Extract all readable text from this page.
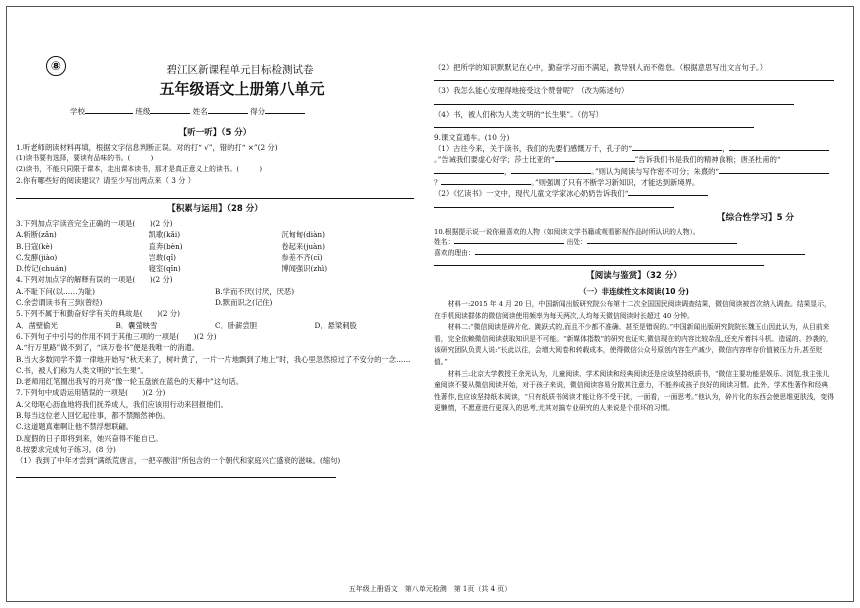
⑧	碧江区新课程单元目标检测试卷
五年级语文上册第八单元
学校	班级	姓名	得分
【听一听】（5 分）

1.听老师朗读材料再填，根据文字信息判断正误。对的打“ √”，错的打“ ×”(2 分)

(1)读书要有选择，要读有品味的书。(　　　)

(2)读书，不能只同限于课本，走出课本读书，那才是真正意义上的读书。(　　　)

2.你有哪些好的阅读建议？请至少写出两点来（ 3 分 ）

【积累与运用】（28 分）

3.下列加点字读音完全正确的一项是(　　)(2 分)

A.斩断(zǎn)	凯歌(kǎi)	沉甸甸(diàn)
B.日寇(kè)	直奔(bèn)	卷起来(juàn)
C.发酵(jiào)	岂敢(qǐ)	参差不齐(cī)
D.传记(chuán)	寝室(qǐn)	博闻强识(zhì)

4.下列对加点字的解释有误的一项是(　　)(2 分)

A.不耻下问(以……为耻)	B.学而不厌(讨厌，厌恶)
C.余尝谓读书有三到(曾经)	D.默而识之(记住)

5.下列不属于和勤奋好学有关的典故是(　　)(2 分)

A．凿壁偷光	B．囊萤映雪	C．卧薪尝胆	D．悬梁刺股

6.下列句子中引号的作用不同于其他三项的一项是(　　)(2 分)

A.“行万里路”做不到了，“读万卷书”便是我唯一的消遣。

B.当大多数同学不算一律地开始写“秋天来了，树叶黄了，一片一片地飘到了地上”时，我心里忽然掠过了不安分的一念……

C.书，被人们称为人类文明的“长生果”。

D.老师用红笔圈出我写的月亮“像一轮玉盘嵌在蓝色的天幕中”这句话。

7.下列句中成语运用错误的一项是(　　)(2 分)

A.父母呕心沥血地将我们抚养成人，我们应该用行动来回报他们。

B.每当这位老人回忆起往事，都不禁黯然神伤。

C.这道题真难啊让他不禁浮想联翩。

D.度假的日子即将到来，她兴奋得不能自已。

8.按要求完成句子练习。(8 分)

（1）我到了中年才尝到“满纸荒唐言，一把辛酸泪”所包含的一个朝代和家庭兴亡盛衰的滋味。(缩句)

（2）把所学的知识默默记在心中，勤奋学习而不满足，教导别人而不倦怠。（根据意思写出文言句子。）

（3）我怎么能心安理得地接受这个赞誉呢？（改为陈述句）

（4）书，被人们称为人类文明的“长生果”。（仿写）

9.课文直通车。(10 分)

（1）古往今来，关于读书，我们的先要们感慨万千，孔子的“	，。”告诫我们要虚心好学；莎士比亚的“	”告诉我们书是我们的精神食粮；唐圣杜甫的“，	。”则认为阅读与写作密不可分；朱熹的“？	。”则强调了只有不断学习新知识，才能达到新境界。

（2）《忆读书》一文中，现代儿童文学家冰心奶奶告诉我们“

【综合性学习】5 分

10.根据提示说一说你最喜欢的人物（如阅读文学书籍或观看影视作品时所认识的人物）。

姓名：	出处：

喜欢的理由：

【阅读与鉴赏】（32 分）
（一）非连续性文本阅读(10 分)

材料一:2015 年 4 月 20 日，中国新闻出版研究院公布第十二次全国国民阅读调查结果，微信阅读被首次纳入调查。结果显示，在手机阅读群体的微信阅读使用频率为每天两次,人均每天微信阅读时长超过 40 分钟。

材料二:“微信阅读是碎片化、跳跃式的,而且不少都不准确、甚至是错误的。”中国新闻出版研究院院长魏玉山因此认为，从目前来看，完全依赖微信阅读获取知识是不可能。“新媒体指数”的研究也证实,微信现在的内容比较杂乱,还充斥着抖斗机、造谣的、抄袭的，该研究团队负责人说:“长此以往，会增大阅卷和转载成本，使得微信公众号原创内容生产减少，微信内容库存价值被压力升,甚至贬值。”

材料三:北京大学教授王余光认为，儿童阅读、学术阅读和经典阅读还是应该坚持纸质书，“微信主要功能是娱乐、浏览,我主张儿童阅读不要从微信阅读开始，对于孩子来说，微信阅读容易分散其注意力，不能养成孩子良好的阅读习惯。此外，学术性著作和经典性著作,也应该坚持纸本阅读，“只有纸质书阅读才能让你不受干扰，一面看，一面思考。”他认为，碎片化的东西会使思维更肤浅，变得更懒惰，不愿意进行更深入的思考,尤其对搞专业研究的人来说是个很坏的习惯。

五年级上册语文　第八单元检测　第 1页（共 4 页）
